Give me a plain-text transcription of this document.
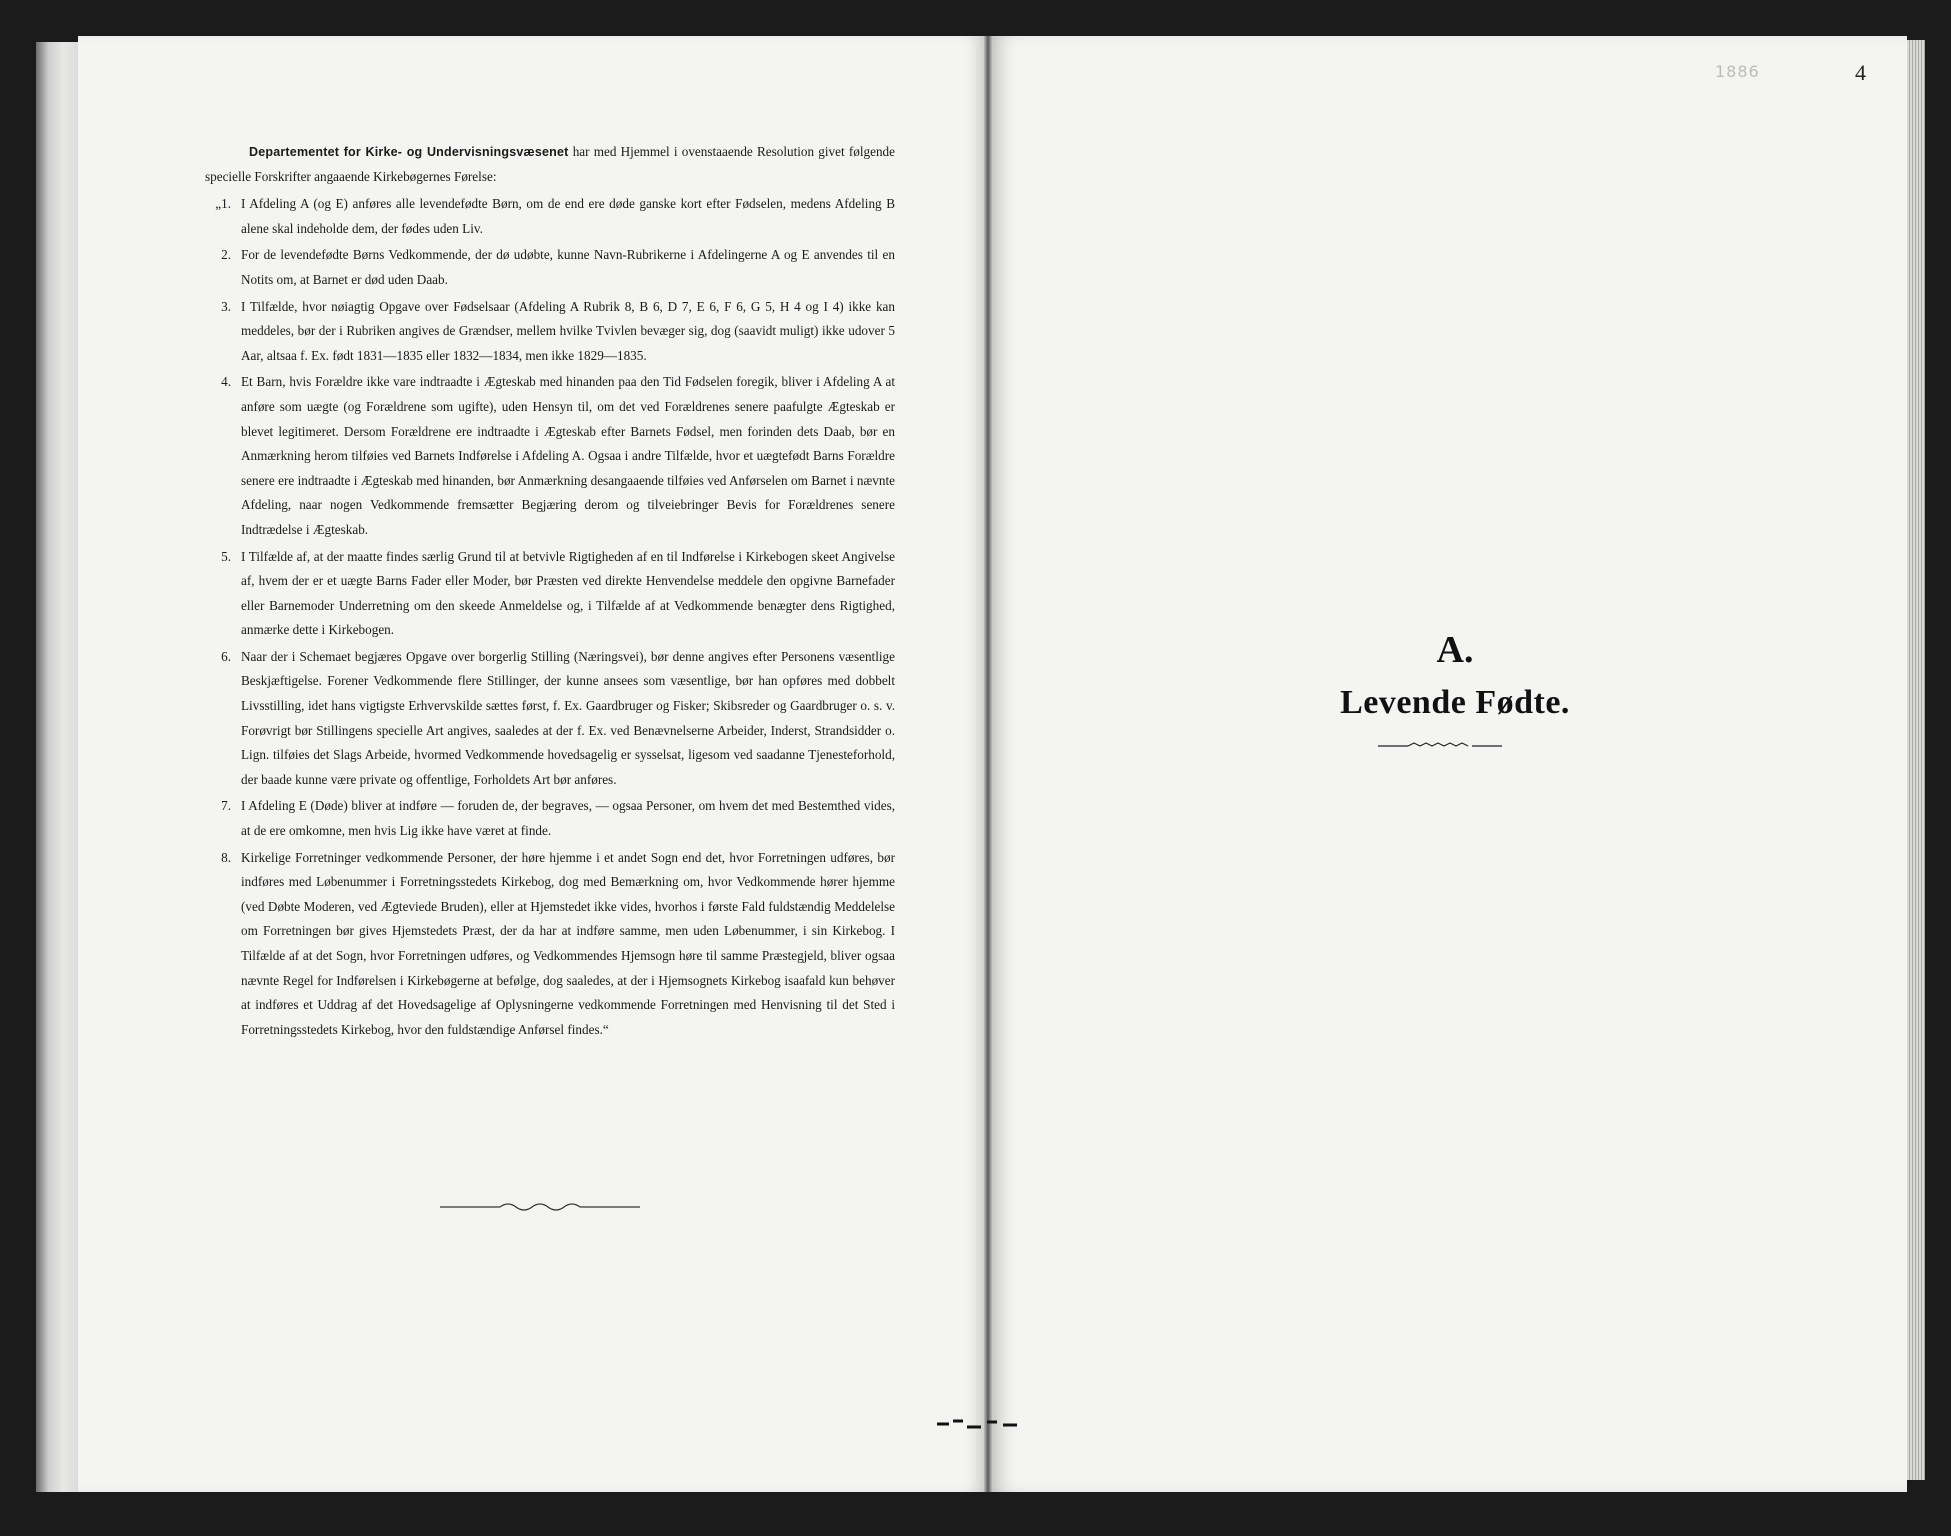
Departementet for Kirke- og Undervisningsvæsenet har med Hjemmel i ovenstaaende Resolution givet følgende specielle Forskrifter angaaende Kirkebøgernes Førelse:

„1. I Afdeling A (og E) anføres alle levendefødte Børn, om de end ere døde ganske kort efter Fødselen, medens Afdeling B alene skal indeholde dem, der fødes uden Liv.
2. For de levendefødte Børns Vedkommende, der dø udøbte, kunne Navn-Rubrikerne i Afdelingerne A og E anvendes til en Notits om, at Barnet er død uden Daab.
3. I Tilfælde, hvor nøiagtig Opgave over Fødselsaar (Afdeling A Rubrik 8, B 6, D 7, E 6, F 6, G 5, H 4 og I 4) ikke kan meddeles, bør der i Rubriken angives de Grændser, mellem hvilke Tvivlen bevæger sig, dog (saavidt muligt) ikke udover 5 Aar, altsaa f. Ex. født 1831—1835 eller 1832—1834, men ikke 1829—1835.
4. Et Barn, hvis Forældre ikke vare indtraadte i Ægteskab med hinanden paa den Tid Fødselen foregik, bliver i Afdeling A at anføre som uægte (og Forældrene som ugifte), uden Hensyn til, om det ved Forældrenes senere paafulgte Ægteskab er blevet legitimeret. Dersom Forældrene ere indtraadte i Ægteskab efter Barnets Fødsel, men forinden dets Daab, bør en Anmærkning herom tilføies ved Barnets Indførelse i Afdeling A. Ogsaa i andre Tilfælde, hvor et uægtefødt Barns Forældre senere ere indtraadte i Ægteskab med hinanden, bør Anmærkning desangaaende tilføies ved Anførselen om Barnet i nævnte Afdeling, naar nogen Vedkommende fremsætter Begjæring derom og tilveiebringer Bevis for Forældrenes senere Indtrædelse i Ægteskab.
5. I Tilfælde af, at der maatte findes særlig Grund til at betvivle Rigtigheden af en til Indførelse i Kirkebogen skeet Angivelse af, hvem der er et uægte Barns Fader eller Moder, bør Præsten ved direkte Henvendelse meddele den opgivne Barnefader eller Barnemoder Underretning om den skeede Anmeldelse og, i Tilfælde af at Vedkommende benægter dens Rigtighed, anmærke dette i Kirkebogen.
6. Naar der i Schemaet begjæres Opgave over borgerlig Stilling (Næringsvei), bør denne angives efter Personens væsentlige Beskjæftigelse. Forener Vedkommende flere Stillinger, der kunne ansees som væsentlige, bør han opføres med dobbelt Livsstilling, idet hans vigtigste Erhvervskilde sættes først, f. Ex. Gaardbruger og Fisker; Skibsreder og Gaardbruger o. s. v. Forøvrigt bør Stillingens specielle Art angives, saaledes at der f. Ex. ved Benævnelserne Arbeider, Inderst, Strandsidder o. Lign. tilføies det Slags Arbeide, hvormed Vedkommende hovedsagelig er sysselsat, ligesom ved saadanne Tjenesteforhold, der baade kunne være private og offentlige, Forholdets Art bør anføres.
7. I Afdeling E (Døde) bliver at indføre — foruden de, der begraves, — ogsaa Personer, om hvem det med Bestemthed vides, at de ere omkomne, men hvis Lig ikke have været at finde.
8. Kirkelige Forretninger vedkommende Personer, der høre hjemme i et andet Sogn end det, hvor Forretningen udføres, bør indføres med Løbenummer i Forretningsstedets Kirkebog, dog med Bemærkning om, hvor Vedkommende hører hjemme (ved Døbte Moderen, ved Ægteviede Bruden), eller at Hjemstedet ikke vides, hvorhos i første Fald fuldstændig Meddelelse om Forretningen bør gives Hjemstedets Præst, der da har at indføre samme, men uden Løbenummer, i sin Kirkebog. I Tilfælde af at det Sogn, hvor Forretningen udføres, og Vedkommendes Hjemsogn høre til samme Præstegjeld, bliver ogsaa nævnte Regel for Indførelsen i Kirkebøgerne at befølge, dog saaledes, at der i Hjemsognets Kirkebog isaafald kun behøver at indføres et Uddrag af det Hovedsagelige af Oplysningerne vedkommende Forretningen med Henvisning til det Sted i Forretningsstedets Kirkebog, hvor den fuldstændige Anførsel findes.“
1886	4
A.
Levende Fødte.
